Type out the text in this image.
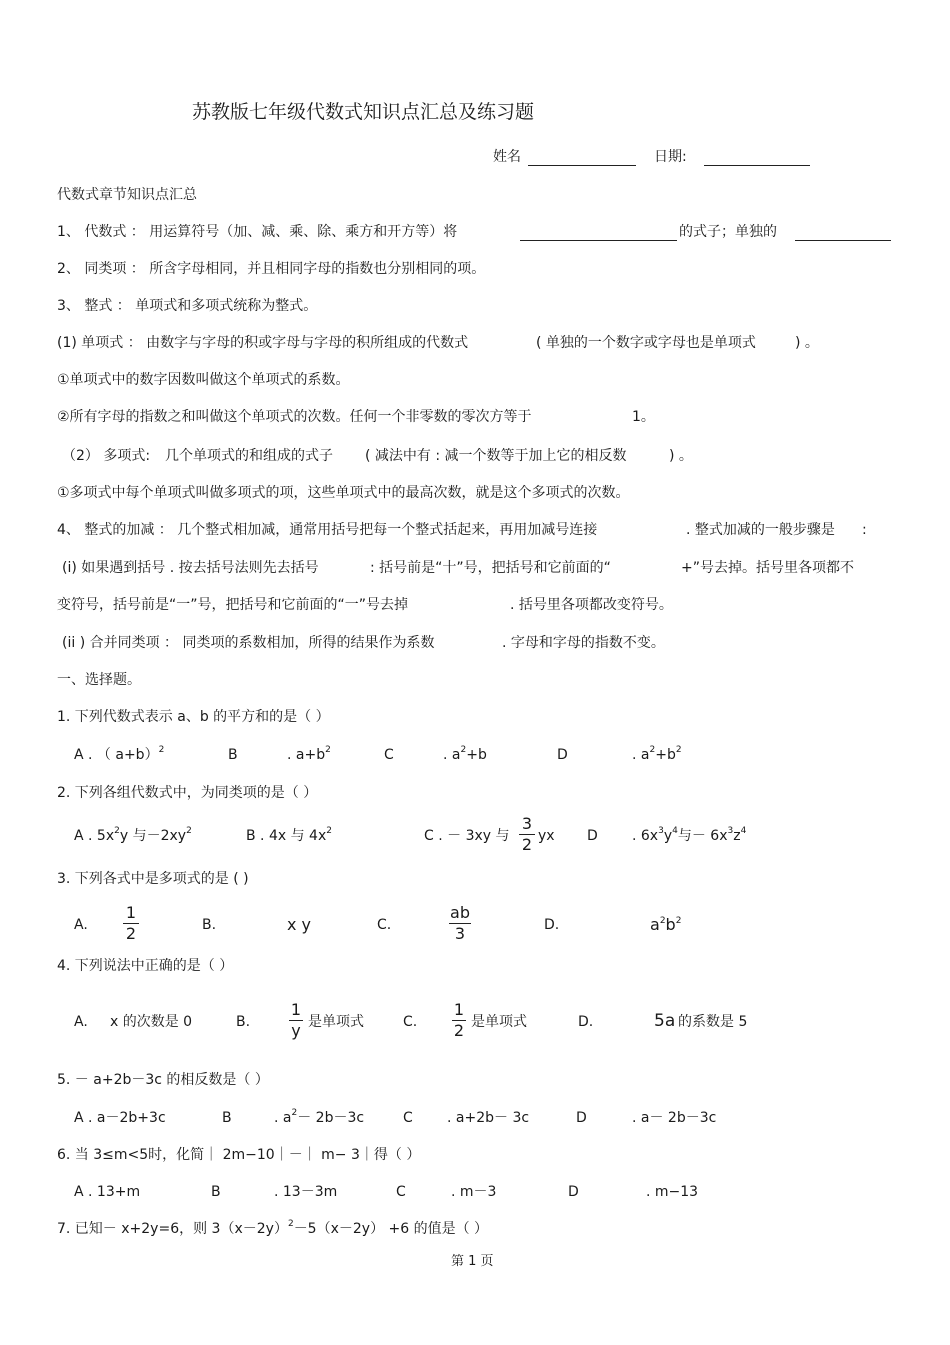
苏教版七年级代数式知识点汇总及练习题
姓名	日期:
代数式章节知识点汇总
1、 代数式 ： 用运算符号（加、减、乘、除、乘方和开方等）将	的式子；单独的
2、 同类项 ： 所含字母相同，并且相同字母的指数也分别相同的项。
3、 整式 ： 单项式和多项式统称为整式。
(1) 单项式 ： 由数字与字母的积或字母与字母的积所组成的代数式	( 单独的一个数字或字母也是单项式	) 。
①单项式中的数字因数叫做这个单项式的系数。
②所有字母的指数之和叫做这个单项式的次数。任何一个非零数的零次方等于	1。
（2） 多项式: 几个单项式的和组成的式子 ( 减法中有 : 减一个数等于加上它的相反数	) 。
①多项式中每个单项式叫做多项式的项，这些单项式中的最高次数，就是这个多项式的次数。
4、 整式的加减 ： 几个整式相加减，通常用括号把每一个整式括起来，再用加减号连接	. 整式加减的一般步骤是 :
(i) 如果遇到括号 . 按去括号法则先去括号	: 括号前是“十”号，把括号和它前面的“	+”号去掉。括号里各项都不
变符号，括号前是“一”号，把括号和它前面的“一”号去掉	. 括号里各项都改变符号。
(ii ) 合并同类项 ： 同类项的系数相加，所得的结果作为系数	. 字母和字母的指数不变。
一、选择题。
1. 下列代数式表示 a、b 的平方和的是（ ）
A . （ a+b）$^2$	B	. $a+b^2$	C	. $a^2+b$	D	. $a^2+b^2$
2. 下列各组代数式中，为同类项的是（ ）
A . $5x^2y$ 与$-2xy^2$	B . 4x 与 $4x^2$	C . － 3xy 与
3
2 yx D . $6x^3y^4$与－ $6x^3z^4$
3. 下列各式中是多项式的是 ( )
A.
1
2	B.	x y	C.
ab
3	D.	$a^2b^2$
4. 下列说法中正确的是（ ）
A. x 的次数是 0	B.
1
y 是单项式	C.
1
2 是单项式	D.	5a 的系数是 5
5. － a+2b－3c 的相反数是（ ）
A . a－2b+3c	B	. $a^2- 2b-3c$	C . a+2b－ 3c	D	. a－ 2b－3c
6. 当 3≤m<5时，化简｜ 2m−10｜－｜ m− 3｜得（ ）
A . 13+m	B	. 13－3m	C	. m－3	D	. m−13
7. 已知－ x+2y=6，则 $3(x-2y)^2-5(x-2y) +6$ 的值是（ ）
第 1 页
